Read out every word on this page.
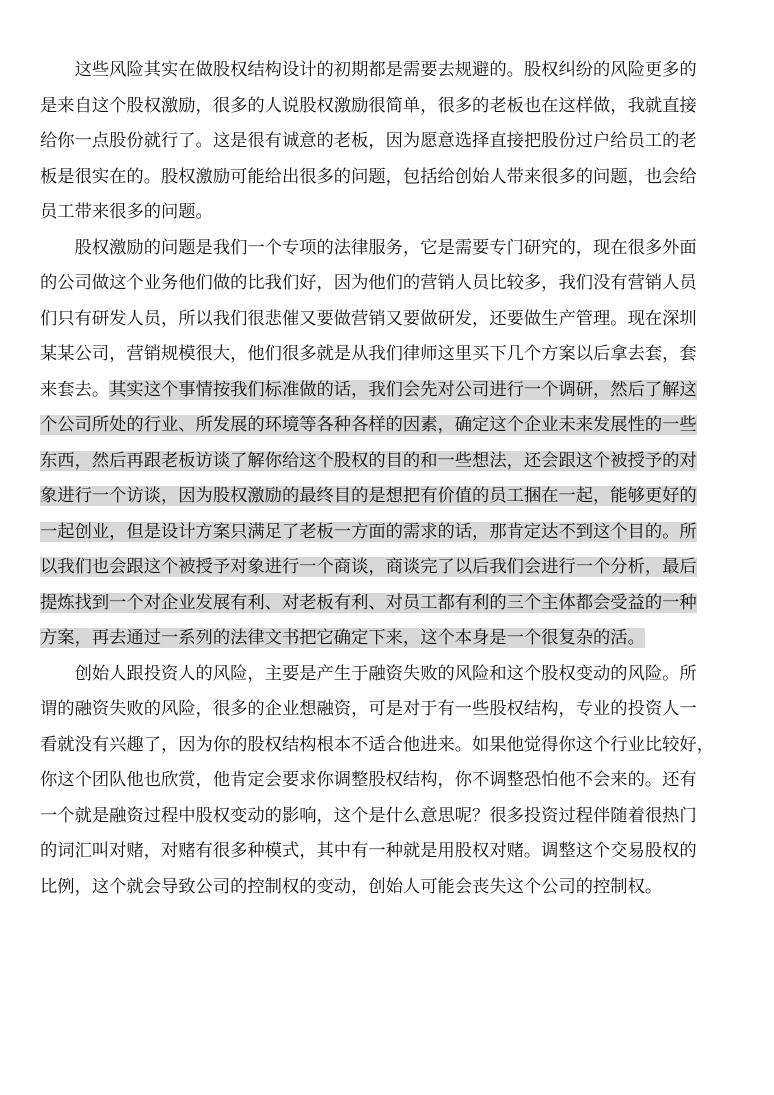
　　这些风险其实在做股权结构设计的初期都是需要去规避的。股权纠纷的风险更多的
是来自这个股权激励，很多的人说股权激励很简单，很多的老板也在这样做，我就直接
给你一点股份就行了。这是很有诚意的老板，因为愿意选择直接把股份过户给员工的老
板是很实在的。股权激励可能给出很多的问题，包括给创始人带来很多的问题，也会给
员工带来很多的问题。
　　股权激励的问题是我们一个专项的法律服务，它是需要专门研究的，现在很多外面
的公司做这个业务他们做的比我们好，因为他们的营销人员比较多，我们没有营销人员
们只有研发人员，所以我们很悲催又要做营销又要做研发，还要做生产管理。现在深圳
某某公司，营销规模很大，他们很多就是从我们律师这里买下几个方案以后拿去套，套
来套去。其实这个事情按我们标准做的话，我们会先对公司进行一个调研，然后了解这
个公司所处的行业、所发展的环境等各种各样的因素，确定这个企业未来发展性的一些
东西，然后再跟老板访谈了解你给这个股权的目的和一些想法，还会跟这个被授予的对
象进行一个访谈，因为股权激励的最终目的是想把有价值的员工捆在一起，能够更好的
一起创业，但是设计方案只满足了老板一方面的需求的话，那肯定达不到这个目的。所
以我们也会跟这个被授予对象进行一个商谈，商谈完了以后我们会进行一个分析，最后
提炼找到一个对企业发展有利、对老板有利、对员工都有利的三个主体都会受益的一种
方案，再去通过一系列的法律文书把它确定下来，这个本身是一个很复杂的活。
　　创始人跟投资人的风险，主要是产生于融资失败的风险和这个股权变动的风险。所
谓的融资失败的风险，很多的企业想融资，可是对于有一些股权结构，专业的投资人一
看就没有兴趣了，因为你的股权结构根本不适合他进来。如果他觉得你这个行业比较好，
你这个团队他也欣赏，他肯定会要求你调整股权结构，你不调整恐怕他不会来的。还有
一个就是融资过程中股权变动的影响，这个是什么意思呢？很多投资过程伴随着很热门
的词汇叫对赌，对赌有很多种模式，其中有一种就是用股权对赌。调整这个交易股权的
比例，这个就会导致公司的控制权的变动，创始人可能会丧失这个公司的控制权。
